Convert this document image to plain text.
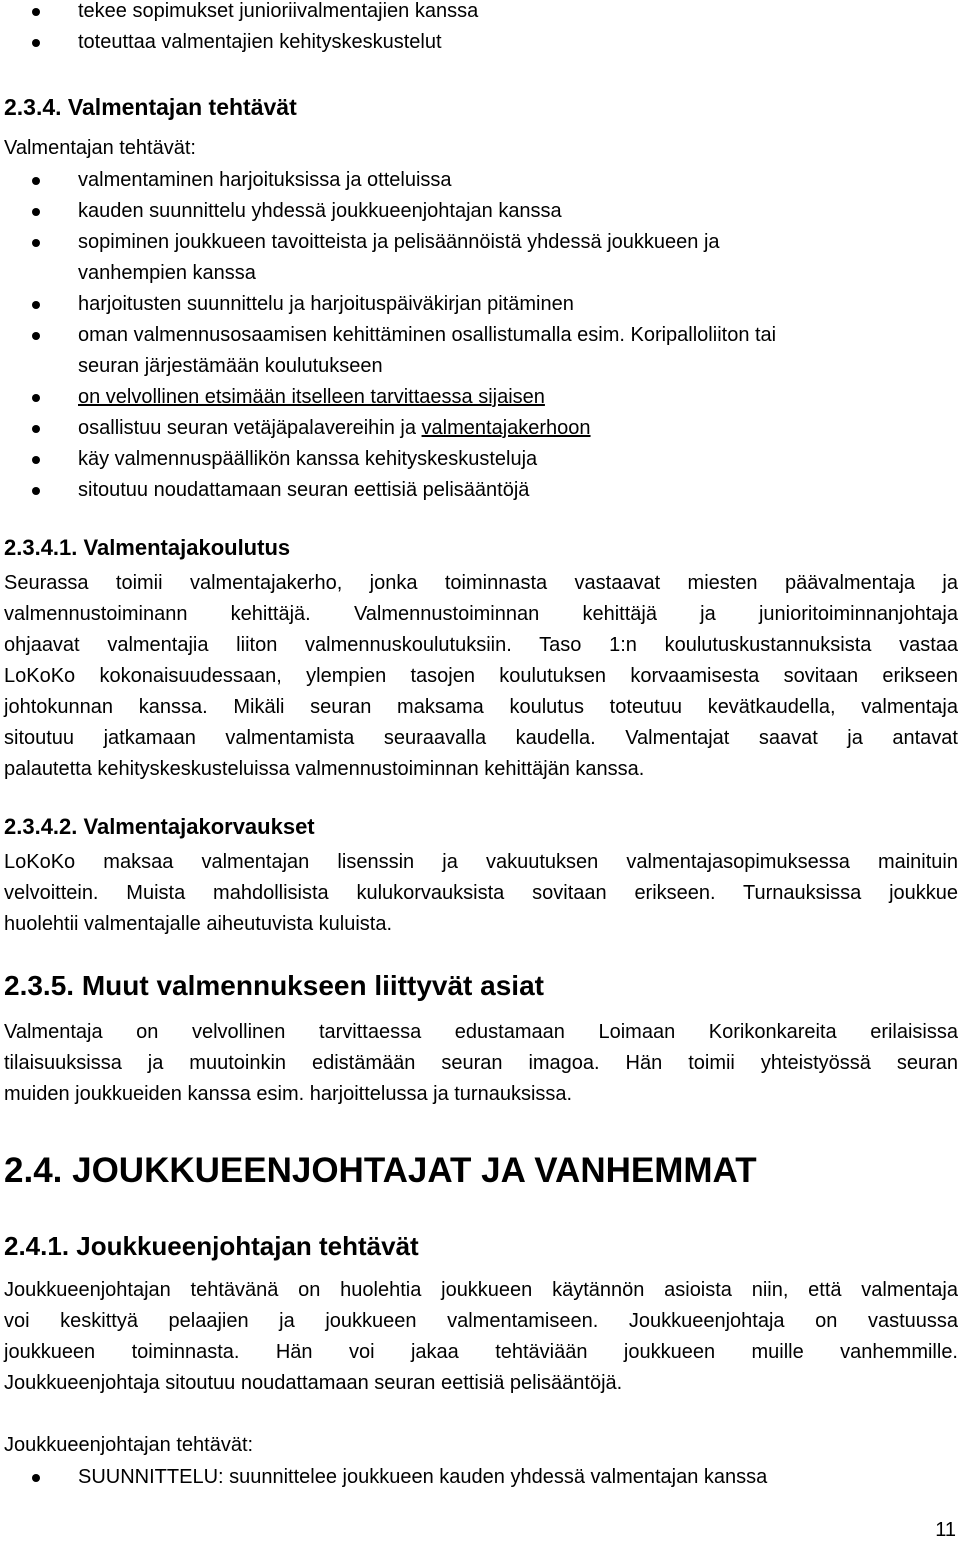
tekee sopimukset junioriivalmentajien kanssa
toteuttaa valmentajien kehityskeskustelut
2.3.4. Valmentajan tehtävät
Valmentajan tehtävät:
valmentaminen harjoituksissa ja otteluissa
kauden suunnittelu yhdessä joukkueenjohtajan kanssa
sopiminen joukkueen tavoitteista ja pelisäännöistä yhdessä joukkueen ja
vanhempien kanssa
harjoitusten suunnittelu ja harjoituspäiväkirjan pitäminen
oman valmennusosaamisen kehittäminen osallistumalla esim. Koripalloliiton tai
seuran järjestämään koulutukseen
on velvollinen etsimään itselleen tarvittaessa sijaisen
osallistuu seuran vetäjäpalavereihin ja valmentajakerhoon
käy valmennuspäällikön kanssa kehityskeskusteluja
sitoutuu noudattamaan seuran eettisiä pelisääntöjä
2.3.4.1. Valmentajakoulutus
Seurassa toimii valmentajakerho, jonka toiminnasta vastaavat miesten päävalmentaja ja
valmennustoiminann kehittäjä. Valmennustoiminnan kehittäjä ja junioritoiminnanjohtaja
ohjaavat valmentajia liiton valmennuskoulutuksiin. Taso 1:n koulutuskustannuksista vastaa
LoKoKo kokonaisuudessaan, ylempien tasojen koulutuksen korvaamisesta sovitaan erikseen
johtokunnan kanssa. Mikäli seuran maksama koulutus toteutuu kevätkaudella, valmentaja
sitoutuu jatkamaan valmentamista seuraavalla kaudella. Valmentajat saavat ja antavat
palautetta kehityskeskusteluissa valmennustoiminnan kehittäjän kanssa.
2.3.4.2. Valmentajakorvaukset
LoKoKo maksaa valmentajan lisenssin ja vakuutuksen valmentajasopimuksessa mainituin
velvoittein. Muista mahdollisista kulukorvauksista sovitaan erikseen. Turnauksissa joukkue
huolehtii valmentajalle aiheutuvista kuluista.
2.3.5. Muut valmennukseen liittyvät asiat
Valmentaja on velvollinen tarvittaessa edustamaan Loimaan Korikonkareita erilaisissa
tilaisuuksissa ja muutoinkin edistämään seuran imagoa. Hän toimii yhteistyössä seuran
muiden joukkueiden kanssa esim. harjoittelussa ja turnauksissa.
2.4. JOUKKUEENJOHTAJAT JA VANHEMMAT
2.4.1. Joukkueenjohtajan tehtävät
Joukkueenjohtajan tehtävänä on huolehtia joukkueen käytännön asioista niin, että valmentaja
voi keskittyä pelaajien ja joukkueen valmentamiseen. Joukkueenjohtaja on vastuussa
joukkueen toiminnasta. Hän voi jakaa tehtäviään joukkueen muille vanhemmille.
Joukkueenjohtaja sitoutuu noudattamaan seuran eettisiä pelisääntöjä.
Joukkueenjohtajan tehtävät:
SUUNNITTELU: suunnittelee joukkueen kauden yhdessä valmentajan kanssa
11
